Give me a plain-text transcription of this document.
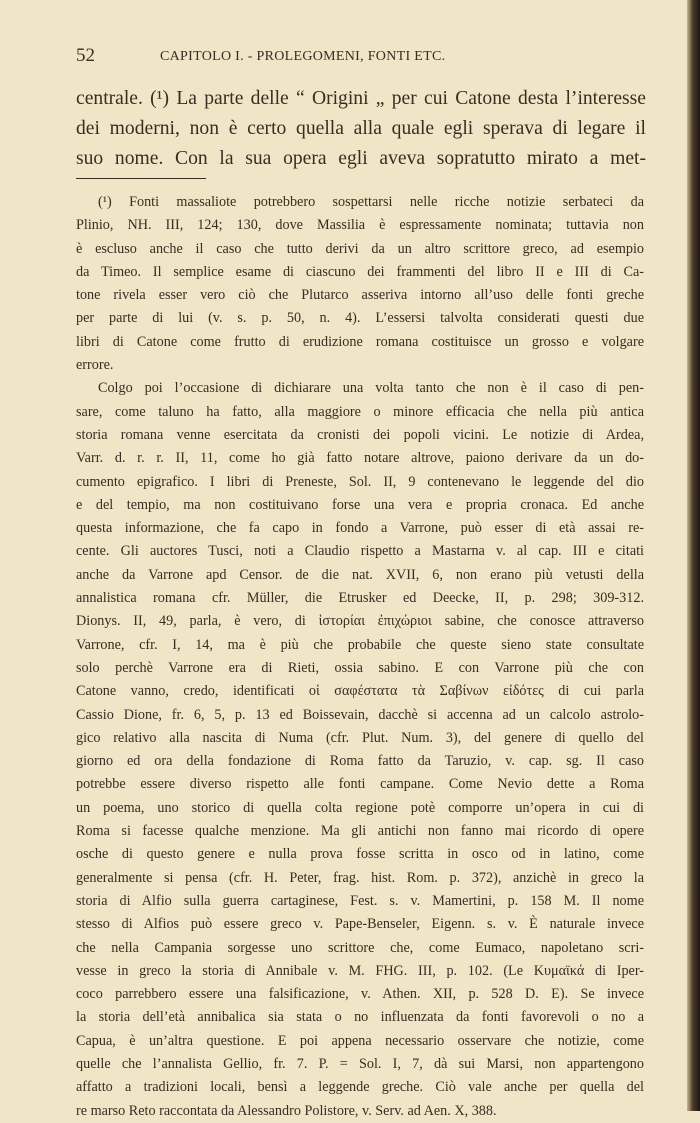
52	CAPITOLO I. - PROLEGOMENI, FONTI ETC.
centrale. (¹) La parte delle “ Origini „ per cui Catone desta l’interesse
dei moderni, non è certo quella alla quale egli sperava di legare il
suo nome. Con la sua opera egli aveva sopratutto mirato a met-
(¹) Fonti massaliote potrebbero sospettarsi nelle ricche notizie serbateci da
Plinio, NH. III, 124; 130, dove Massilia è espressamente nominata; tuttavia non
è escluso anche il caso che tutto derivi da un altro scrittore greco, ad esempio
da Timeo. Il semplice esame di ciascuno dei frammenti del libro II e III di Ca-
tone rivela esser vero ciò che Plutarco asseriva intorno all’uso delle fonti greche
per parte di lui (v. s. p. 50, n. 4). L’essersi talvolta considerati questi due
libri di Catone come frutto di erudizione romana costituisce un grosso e volgare
errore.
Colgo poi l’occasione di dichiarare una volta tanto che non è il caso di pen-
sare, come taluno ha fatto, alla maggiore o minore efficacia che nella più antica
storia romana venne esercitata da cronisti dei popoli vicini. Le notizie di Ardea,
Varr. d. r. r. II, 11, come ho già fatto notare altrove, paiono derivare da un do-
cumento epigrafico. I libri di Preneste, Sol. II, 9 contenevano le leggende del dio
e del tempio, ma non costituivano forse una vera e propria cronaca. Ed anche
questa informazione, che fa capo in fondo a Varrone, può esser di età assai re-
cente. Gli auctores Tusci, noti a Claudio rispetto a Mastarna v. al cap. III e citati
anche da Varrone apd Censor. de die nat. XVII, 6, non erano più vetusti della
annalistica romana cfr. Müller, die Etrusker ed Deecke, II, p. 298; 309-312.
Dionys. II, 49, parla, è vero, di ἱστορίαι ἐπιχώριοι sabine, che conosce attraverso
Varrone, cfr. I, 14, ma è più che probabile che queste sieno state consultate
solo perchè Varrone era di Rieti, ossia sabino. E con Varrone più che con
Catone vanno, credo, identificati οἱ σαφέστατα τὰ Σαβίνων εἰδότες di cui parla
Cassio Dione, fr. 6, 5, p. 13 ed Boissevain, dacchè si accenna ad un calcolo astrolo-
gico relativo alla nascita di Numa (cfr. Plut. Num. 3), del genere di quello del
giorno ed ora della fondazione di Roma fatto da Taruzio, v. cap. sg. Il caso
potrebbe essere diverso rispetto alle fonti campane. Come Nevio dette a Roma
un poema, uno storico di quella colta regione potè comporre un’opera in cui di
Roma si facesse qualche menzione. Ma gli antichi non fanno mai ricordo di opere
osche di questo genere e nulla prova fosse scritta in osco od in latino, come
generalmente si pensa (cfr. H. Peter, frag. hist. Rom. p. 372), anzichè in greco la
storia di Alfio sulla guerra cartaginese, Fest. s. v. Mamertini, p. 158 M. Il nome
stesso di Alfios può essere greco v. Pape-Benseler, Eigenn. s. v. È naturale invece
che nella Campania sorgesse uno scrittore che, come Eumaco, napoletano scri-
vesse in greco la storia di Annibale v. M. FHG. III, p. 102. (Le Κυμαϊκά di Iper-
coco parrebbero essere una falsificazione, v. Athen. XII, p. 528 D. E). Se invece
la storia dell’età annibalica sia stata o no influenzata da fonti favorevoli o no a
Capua, è un’altra questione. E poi appena necessario osservare che notizie, come
quelle che l’annalista Gellio, fr. 7. P. = Sol. I, 7, dà sui Marsi, non appartengono
affatto a tradizioni locali, bensì a leggende greche. Ciò vale anche per quella del
re marso Reto raccontata da Alessandro Polistore, v. Serv. ad Aen. X, 388.
